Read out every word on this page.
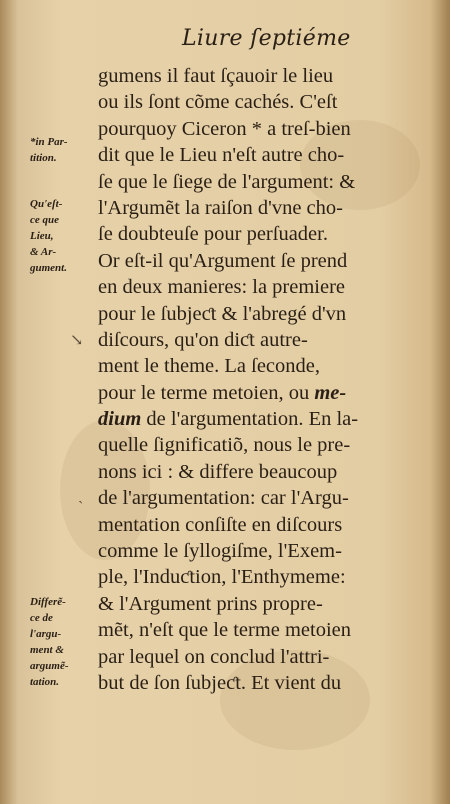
Liure ſeptiéme
*in Par-
tition.
Qu'eſt-
ce que
Lieu,
& Ar-
gument.
Differẽ-
ce de
l'argu-
ment &
argumẽ-
tation.
↘
ˎ
gumens il faut ſçauoir le lieu
ou ils ſont cõme cachés. C'eſt
pourquoy Ciceron * a treſ-bien
dit que le Lieu n'eſt autre cho-
ſe que le ſiege de l'argument: &
l'Argumẽt la raiſon d'vne cho-
ſe doubteuſe pour perſuader.
Or eſt-il qu'Argument ſe prend
en deux manieres: la premiere
pour le ſubjeƈt & l'abregé d'vn
diſcours, qu'on diƈt autre-
ment le theme. La ſeconde,
pour le terme metoien, ou me-
dium de l'argumentation. En la-
quelle ſignificatiõ, nous le pre-
nons ici : & differe beaucoup
de l'argumentation: car l'Argu-
mentation conſiſte en diſcours
comme le ſyllogiſme, l'Exem-
ple, l'Induƈtion, l'Enthymeme:
& l'Argument prins propre-
mẽt, n'eſt que le terme metoien
par lequel on conclud l'attri-
but de ſon ſubjeƈt. Et vient du
